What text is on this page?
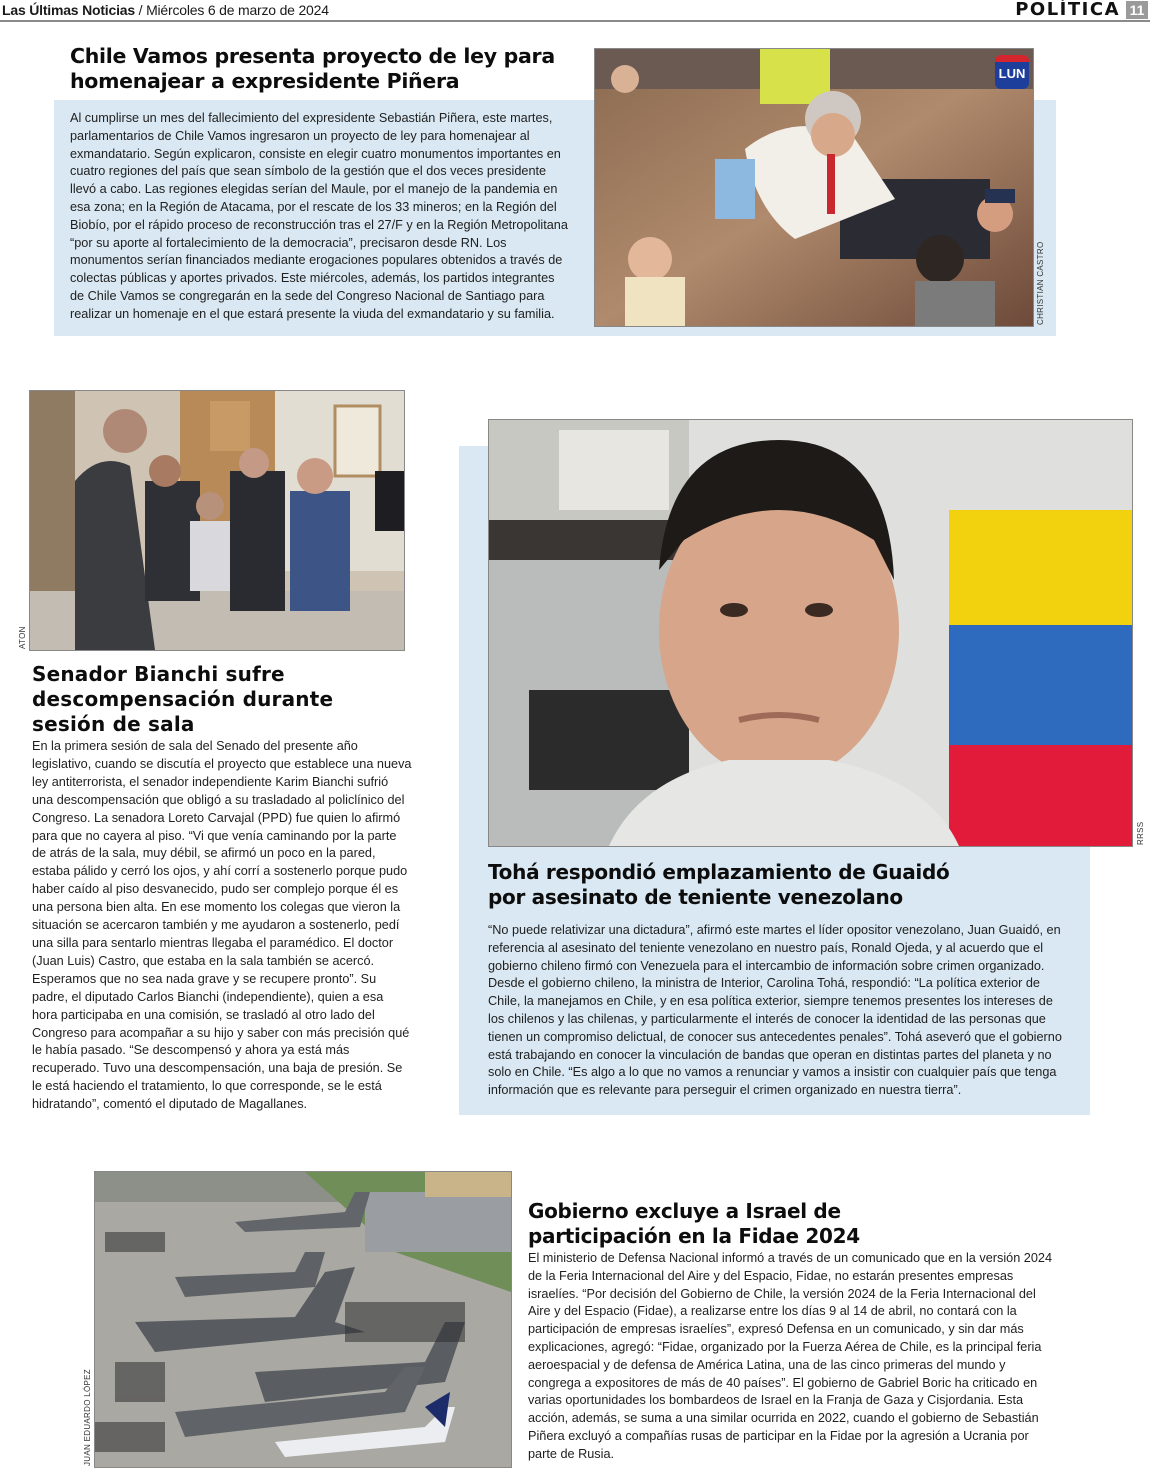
Las Últimas Noticias / Miércoles 6 de marzo de 2024	POLÍTICA 11
Chile Vamos presenta proyecto de ley para
homenajear a expresidente Piñera
Al cumplirse un mes del fallecimiento del expresidente Sebastián Piñera, este martes, parlamentarios de Chile Vamos ingresaron un proyecto de ley para homenajear al exmandatario. Según explicaron, consiste en elegir cuatro monumentos importantes en cuatro regiones del país que sean símbolo de la gestión que el dos veces presidente llevó a cabo. Las regiones elegidas serían del Maule, por el manejo de la pandemia en esa zona; en la Región de Atacama, por el rescate de los 33 mineros; en la Región del Biobío, por el rápido proceso de reconstrucción tras el 27/F y en la Región Metropolitana “por su aporte al fortalecimiento de la democracia”, precisaron desde RN. Los monumentos serían financiados mediante erogaciones populares obtenidos a través de colectas públicas y aportes privados. Este miércoles, además, los partidos integrantes de Chile Vamos se congregarán en la sede del Congreso Nacional de Santiago para realizar un homenaje en el que estará presente la viuda del exmandatario y su familia.
LUN
CHRISTIAN CASTRO
ATON
Senador Bianchi sufre
descompensación durante
sesión de sala
En la primera sesión de sala del Senado del presente año legislativo, cuando se discutía el proyecto que establece una nueva ley antiterrorista, el senador independiente Karim Bianchi sufrió una descompensación que obligó a su trasladado al policlínico del Congreso. La senadora Loreto Carvajal (PPD) fue quien lo afirmó para que no cayera al piso. “Vi que venía caminando por la parte de atrás de la sala, muy débil, se afirmó un poco en la pared, estaba pálido y cerró los ojos, y ahí corrí a sostenerlo porque pudo haber caído al piso desvanecido, pudo ser complejo porque él es una persona bien alta. En ese momento los colegas que vieron la situación se acercaron también y me ayudaron a sostenerlo, pedí una silla para sentarlo mientras llegaba el paramédico. El doctor (Juan Luis) Castro, que estaba en la sala también se acercó. Esperamos que no sea nada grave y se recupere pronto”. Su padre, el diputado Carlos Bianchi (independiente), quien a esa hora participaba en una comisión, se trasladó al otro lado del Congreso para acompañar a su hijo y saber con más precisión qué le había pasado. “Se descompensó y ahora ya está más recuperado. Tuvo una descompensación, una baja de presión. Se le está haciendo el tratamiento, lo que corresponde, se le está hidratando”, comentó el diputado de Magallanes.
RRSS
Tohá respondió emplazamiento de Guaidó
por asesinato de teniente venezolano
“No puede relativizar una dictadura”, afirmó este martes el líder opositor venezolano, Juan Guaidó, en referencia al asesinato del teniente venezolano en nuestro país, Ronald Ojeda, y al acuerdo que el gobierno chileno firmó con Venezuela para el intercambio de información sobre crimen organizado. Desde el gobierno chileno, la ministra de Interior, Carolina Tohá, respondió: “La política exterior de Chile, la manejamos en Chile, y en esa política exterior, siempre tenemos presentes los intereses de los chilenos y las chilenas, y particularmente el interés de conocer la identidad de las personas que tienen un compromiso delictual, de conocer sus antecedentes penales”. Tohá aseveró que el gobierno está trabajando en conocer la vinculación de bandas que operan en distintas partes del planeta y no solo en Chile. “Es algo a lo que no vamos a renunciar y vamos a insistir con cualquier país que tenga información que es relevante para perseguir el crimen organizado en nuestra tierra”.
JUAN EDUARDO LÓPEZ
Gobierno excluye a Israel de
participación en la Fidae 2024
El ministerio de Defensa Nacional informó a través de un comunicado que en la versión 2024 de la Feria Internacional del Aire y del Espacio, Fidae, no estarán presentes empresas israelíes. “Por decisión del Gobierno de Chile, la versión 2024 de la Feria Internacional del Aire y del Espacio (Fidae), a realizarse entre los días 9 al 14 de abril, no contará con la participación de empresas israelíes”, expresó Defensa en un comunicado, y sin dar más explicaciones, agregó: “Fidae, organizado por la Fuerza Aérea de Chile, es la principal feria aeroespacial y de defensa de América Latina, una de las cinco primeras del mundo y congrega a expositores de más de 40 países”. El gobierno de Gabriel Boric ha criticado en varias oportunidades los bombardeos de Israel en la Franja de Gaza y Cisjordania. Esta acción, además, se suma a una similar ocurrida en 2022, cuando el gobierno de Sebastián Piñera excluyó a compañías rusas de participar en la Fidae por la agresión a Ucrania por parte de Rusia.
